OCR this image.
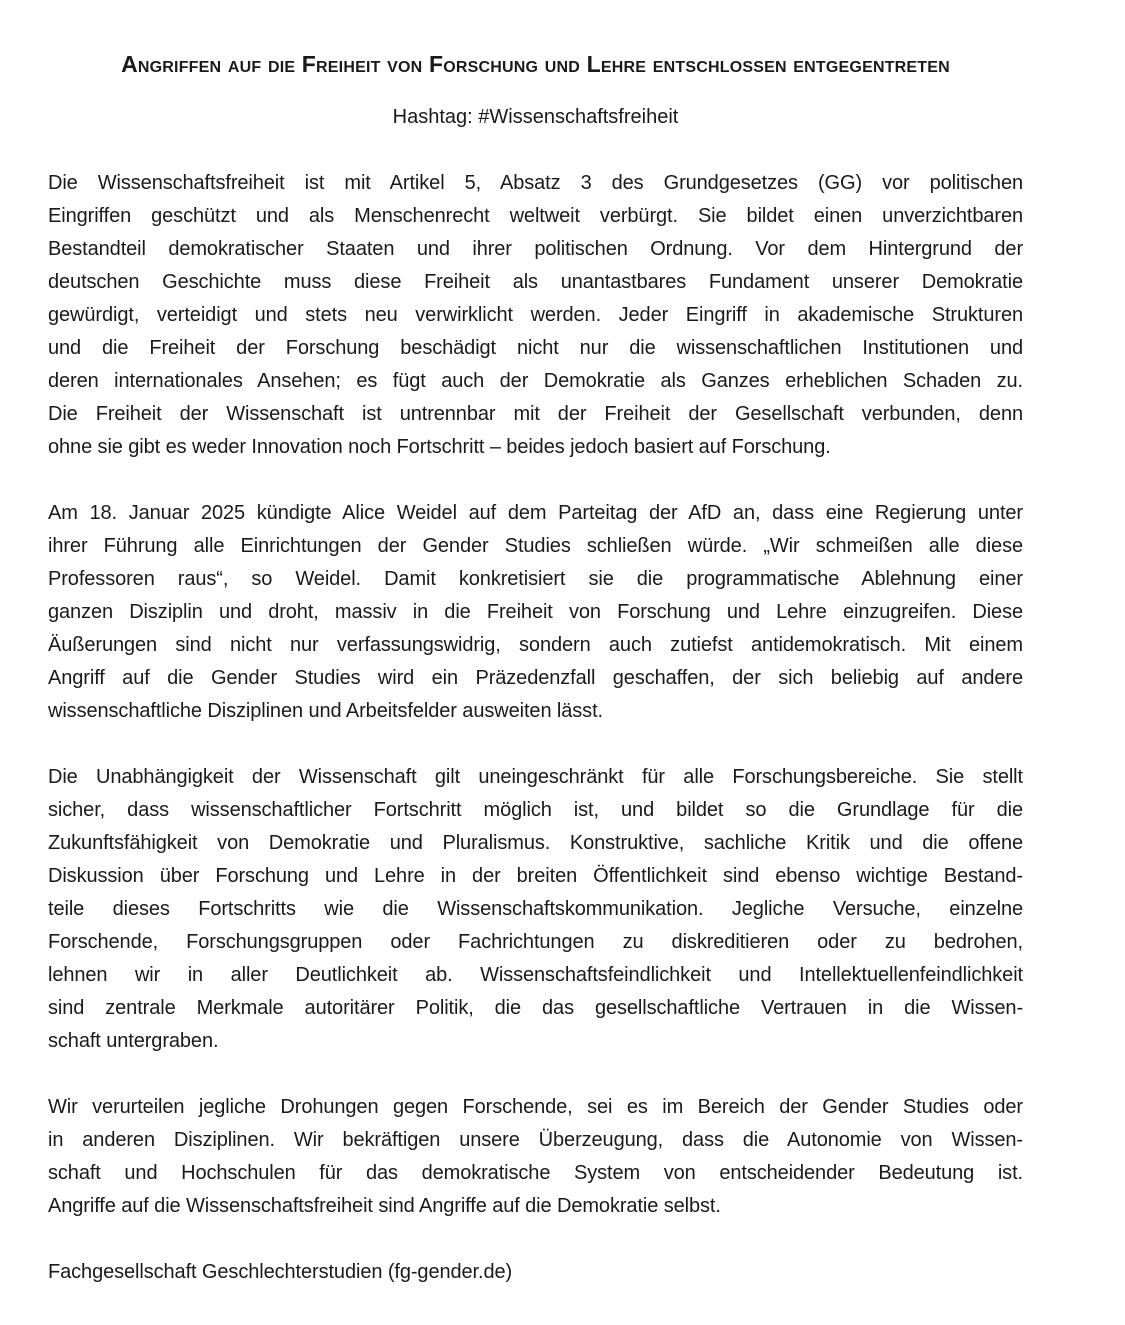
Angriffen auf die Freiheit von Forschung und Lehre entschlossen entgegentreten
Hashtag: #Wissenschaftsfreiheit
Die Wissenschaftsfreiheit ist mit Artikel 5, Absatz 3 des Grundgesetzes (GG) vor politischen
Eingriffen geschützt und als Menschenrecht weltweit verbürgt. Sie bildet einen unverzichtbaren
Bestandteil demokratischer Staaten und ihrer politischen Ordnung. Vor dem Hintergrund der
deutschen Geschichte muss diese Freiheit als unantastbares Fundament unserer Demokratie
gewürdigt, verteidigt und stets neu verwirklicht werden. Jeder Eingriff in akademische Strukturen
und die Freiheit der Forschung beschädigt nicht nur die wissenschaftlichen Institutionen und
deren internationales Ansehen; es fügt auch der Demokratie als Ganzes erheblichen Schaden zu.
Die Freiheit der Wissenschaft ist untrennbar mit der Freiheit der Gesellschaft verbunden, denn
ohne sie gibt es weder Innovation noch Fortschritt – beides jedoch basiert auf Forschung.
Am 18. Januar 2025 kündigte Alice Weidel auf dem Parteitag der AfD an, dass eine Regierung unter
ihrer Führung alle Einrichtungen der Gender Studies schließen würde. „Wir schmeißen alle diese
Professoren raus“, so Weidel. Damit konkretisiert sie die programmatische Ablehnung einer
ganzen Disziplin und droht, massiv in die Freiheit von Forschung und Lehre einzugreifen. Diese
Äußerungen sind nicht nur verfassungswidrig, sondern auch zutiefst antidemokratisch. Mit einem
Angriff auf die Gender Studies wird ein Präzedenzfall geschaffen, der sich beliebig auf andere
wissenschaftliche Disziplinen und Arbeitsfelder ausweiten lässt.
Die Unabhängigkeit der Wissenschaft gilt uneingeschränkt für alle Forschungsbereiche. Sie stellt
sicher, dass wissenschaftlicher Fortschritt möglich ist, und bildet so die Grundlage für die
Zukunftsfähigkeit von Demokratie und Pluralismus. Konstruktive, sachliche Kritik und die offene
Diskussion über Forschung und Lehre in der breiten Öffentlichkeit sind ebenso wichtige Bestand-
teile dieses Fortschritts wie die Wissenschaftskommunikation. Jegliche Versuche, einzelne
Forschende, Forschungsgruppen oder Fachrichtungen zu diskreditieren oder zu bedrohen,
lehnen wir in aller Deutlichkeit ab. Wissenschaftsfeindlichkeit und Intellektuellenfeindlichkeit
sind zentrale Merkmale autoritärer Politik, die das gesellschaftliche Vertrauen in die Wissen-
schaft untergraben.
Wir verurteilen jegliche Drohungen gegen Forschende, sei es im Bereich der Gender Studies oder
in anderen Disziplinen. Wir bekräftigen unsere Überzeugung, dass die Autonomie von Wissen-
schaft und Hochschulen für das demokratische System von entscheidender Bedeutung ist.
Angriffe auf die Wissenschaftsfreiheit sind Angriffe auf die Demokratie selbst.
Fachgesellschaft Geschlechterstudien (fg-gender.de)
